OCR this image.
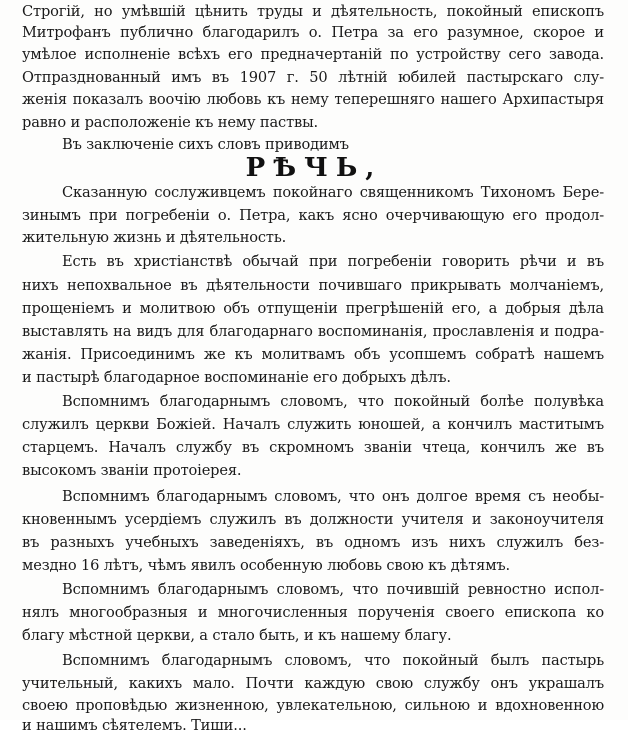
Строгій, но умѣвшій цѣнить труды и дѣятельность, покойный епископъ
Митрофанъ публично благодарилъ о. Петра за его разумное, скорое и
умѣлое исполненіе всѣхъ его предначертаній по устройству сего завода.
Отпразднованный имъ въ 1907 г. 50 лѣтній юбилей пастырскаго слу-
женія показалъ воочію любовь къ нему теперешняго нашего Архипастыря
равно и расположеніе къ нему паствы.
Въ заключеніе сихъ словъ приводимъ
РѢЧЬ,
Сказанную сослуживцемъ покойнаго священникомъ Тихономъ Бере-
зинымъ при погребеніи о. Петра, какъ ясно очерчивающую его продол-
жительную жизнь и дѣятельность.
Есть въ христіанствѣ обычай при погребеніи говорить рѣчи и въ
нихъ непохвальное въ дѣятельности почившаго прикрывать молчаніемъ,
прощеніемъ и молитвою объ отпущеніи прегрѣшеній его, а добрыя дѣла
выставлять на видъ для благодарнаго воспоминанія, прославленія и подра-
жанія. Присоединимъ же къ молитвамъ объ усопшемъ собратѣ нашемъ
и пастырѣ благодарное воспоминаніе его добрыхъ дѣлъ.
Вспомнимъ благодарнымъ словомъ, что покойный болѣе полувѣка
служилъ церкви Божіей. Началъ служить юношей, а кончилъ маститымъ
старцемъ. Началъ службу въ скромномъ званіи чтеца, кончилъ же въ
высокомъ званіи протоіерея.
Вспомнимъ благодарнымъ словомъ, что онъ долгое время съ необы-
кновеннымъ усердіемъ служилъ въ должности учителя и законоучителя
въ разныхъ учебныхъ заведеніяхъ, въ одномъ изъ нихъ служилъ без-
мездно 16 лѣтъ, чѣмъ явилъ особенную любовь свою къ дѣтямъ.
Вспомнимъ благодарнымъ словомъ, что почившій ревностно испол-
нялъ многообразныя и многочисленныя порученія своего епископа ко
благу мѣстной церкви, а стало быть, и къ нашему благу.
Вспомнимъ благодарнымъ словомъ, что покойный былъ пастырь
учительный, какихъ мало. Почти каждую свою службу онъ украшалъ
своею проповѣдью жизненною, увлекательною, сильною и вдохновенною
и нашимъ сѣятелемъ. Тиши...
